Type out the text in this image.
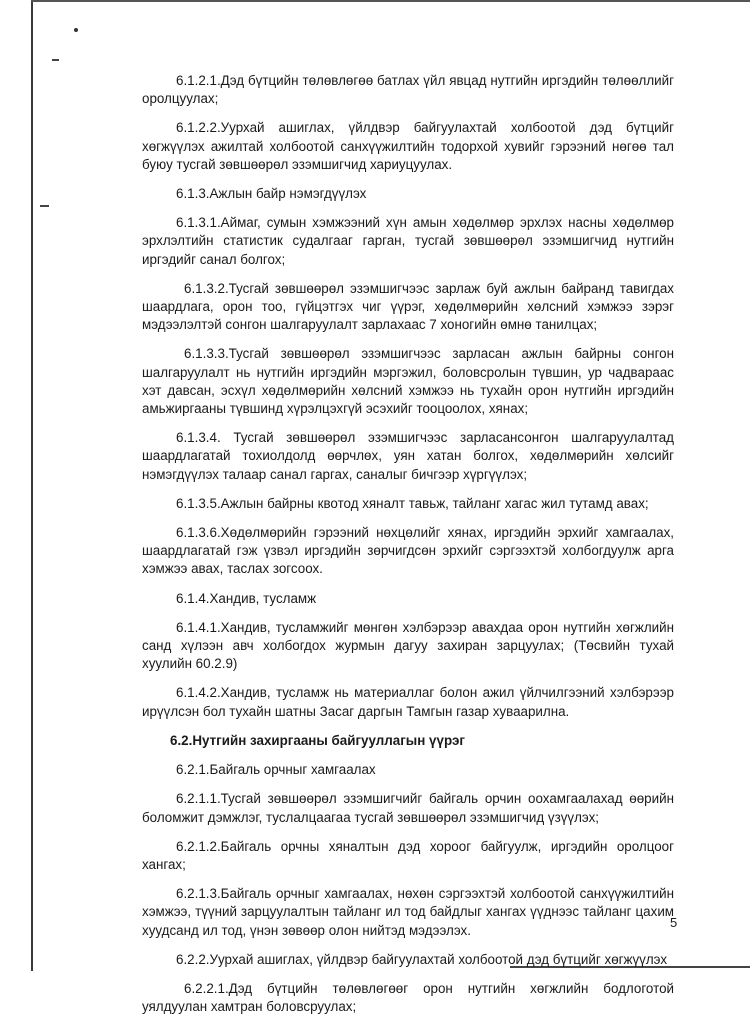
6.1.2.1.Дэд бүтцийн төлөвлөгөө батлах үйл явцад нутгийн иргэдийн төлөөллийг оролцуулах;

6.1.2.2.Уурхай ашиглах, үйлдвэр байгуулахтай холбоотой дэд бүтцийг хөгжүүлэх ажилтай холбоотой санхүүжилтийн тодорхой хувийг гэрээний нөгөө тал буюу тусгай зөвшөөрөл эзэмшигчид хариуцуулах.

6.1.3.Ажлын байр нэмэгдүүлэх

6.1.3.1.Аймаг, сумын хэмжээний хүн амын хөдөлмөр эрхлэх насны хөдөлмөр эрхлэлтийн статистик судалгааг гарган, тусгай зөвшөөрөл эзэмшигчид нутгийн иргэдийг санал болгох;

6.1.3.2.Тусгай зөвшөөрөл эзэмшигчээс зарлаж буй ажлын байранд тавигдах шаардлага, орон тоо, гүйцэтгэх чиг үүрэг, хөдөлмөрийн хөлсний хэмжээ зэрэг мэдээлэлтэй сонгон шалгаруулалт зарлахаас 7 хоногийн өмнө танилцах;

6.1.3.3.Тусгай зөвшөөрөл эзэмшигчээс зарласан ажлын байрны сонгон шалгаруулалт нь нутгийн иргэдийн мэргэжил, боловсролын түвшин, ур чадвараас хэт давсан, эсхүл хөдөлмөрийн хөлсний хэмжээ нь тухайн орон нутгийн иргэдийн амьжиргааны түвшинд хүрэлцэхгүй эсэхийг тооцоолох, хянах;

6.1.3.4. Тусгай зөвшөөрөл эзэмшигчээс зарласансонгон шалгаруулалтад шаардлагатай тохиолдолд өөрчлөх, уян хатан болгох, хөдөлмөрийн хөлсийг нэмэгдүүлэх талаар санал гаргах, саналыг бичгээр хүргүүлэх;

6.1.3.5.Ажлын байрны квотод хяналт тавьж, тайланг хагас жил тутамд авах;

6.1.3.6.Хөдөлмөрийн гэрээний нөхцөлийг хянах, иргэдийн эрхийг хамгаалах, шаардлагатай гэж үзвэл иргэдийн зөрчигдсөн эрхийг сэргээхтэй холбогдуулж арга хэмжээ авах, таслах зогсоох.

6.1.4.Хандив, тусламж

6.1.4.1.Хандив, тусламжийг мөнгөн хэлбэрээр авахдаа орон нутгийн хөгжлийн санд хүлээн авч холбогдох журмын дагуу захиран зарцуулах; (Төсвийн тухай хуулийн 60.2.9)

6.1.4.2.Хандив, тусламж нь материаллаг болон ажил үйлчилгээний хэлбэрээр ирүүлсэн бол тухайн шатны Засаг даргын Тамгын газар хуваарилна.

6.2.Нутгийн захиргааны байгууллагын үүрэг

6.2.1.Байгаль орчныг хамгаалах

6.2.1.1.Тусгай зөвшөөрөл эзэмшигчийг байгаль орчин оохамгаалахад өөрийн боломжит дэмжлэг, туслалцаагаа тусгай зөвшөөрөл эзэмшигчид үзүүлэх;

6.2.1.2.Байгаль орчны хяналтын дэд хороог байгуулж, иргэдийн оролцоог хангах;

6.2.1.3.Байгаль орчныг хамгаалах, нөхөн сэргээхтэй холбоотой санхүүжилтийн хэмжээ, түүний зарцуулалтын тайланг ил тод байдлыг хангах үүднээс тайланг цахим хуудсанд ил тод, үнэн зөвөөр олон нийтэд мэдээлэх.

6.2.2.Уурхай ашиглах, үйлдвэр байгуулахтай холбоотой дэд бүтцийг хөгжүүлэх

6.2.2.1.Дэд бүтцийн төлөвлөгөөг орон нутгийн хөгжлийн бодлоготой уялдуулан хамтран боловсруулах;

5
